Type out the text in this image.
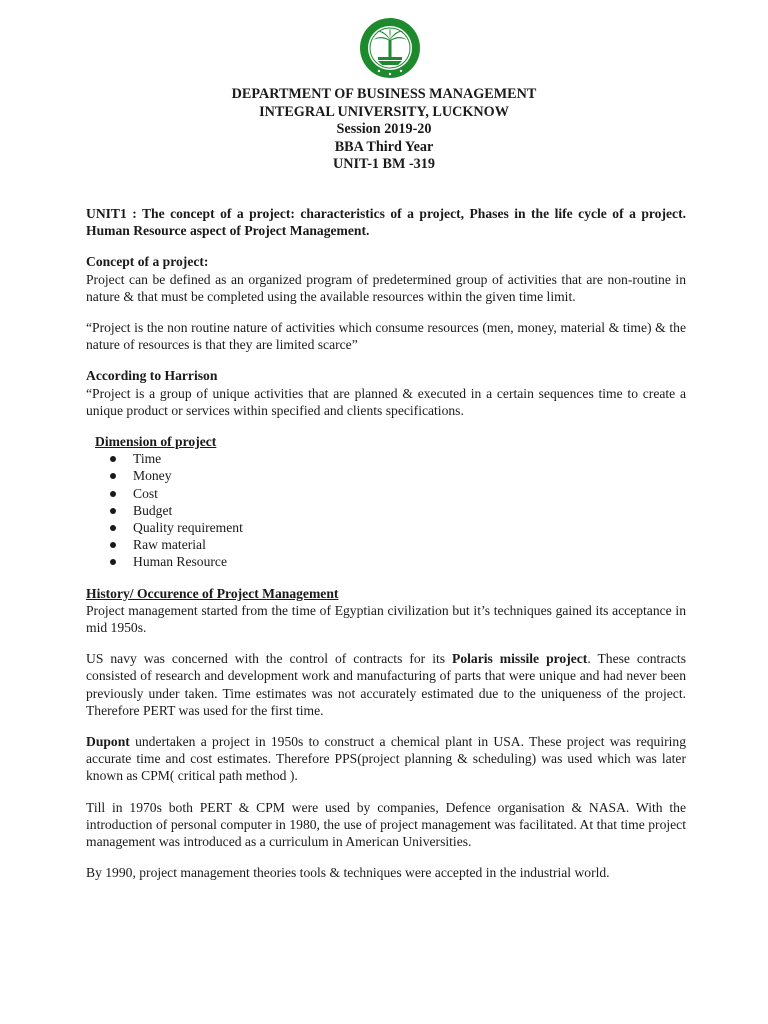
DEPARTMENT OF BUSINESS MANAGEMENT
INTEGRAL UNIVERSITY, LUCKNOW
Session 2019-20
BBA Third Year
UNIT-1 BM -319

UNIT1 : The concept of a project: characteristics of a project, Phases in the life cycle of a project. Human Resource aspect of Project Management.

Concept of a project:

Project can be defined as an organized program of predetermined group of activities that are non-routine in nature & that must be completed using the available resources within the given time limit.

“Project is the non routine nature of activities which consume resources (men, money, material & time) & the nature of resources is that they are limited scarce”

According to Harrison

“Project is a group of unique activities that are planned & executed in a certain sequences time to create a unique product or services within specified and clients specifications.

Dimension of project

Time
Money
Cost
Budget
Quality requirement
Raw material
Human Resource

History/ Occurence of Project Management

Project management started from the time of Egyptian civilization but it’s techniques gained its acceptance in mid 1950s.

US navy was concerned with the control of contracts for its Polaris missile project. These contracts consisted of research and development work and manufacturing of parts that were unique and had never been previously under taken. Time estimates was not accurately estimated due to the uniqueness of the project. Therefore PERT was used for the first time.

Dupont undertaken a project in 1950s to construct a chemical plant in USA. These project was requiring accurate time and cost estimates. Therefore PPS(project planning & scheduling) was used which was later known as CPM( critical path method ).

Till in 1970s both PERT & CPM were used by companies, Defence organisation & NASA. With the introduction of personal computer in 1980, the use of project management was facilitated. At that time project management was introduced as a curriculum in American Universities.

By 1990, project management theories tools & techniques were accepted in the industrial world.
